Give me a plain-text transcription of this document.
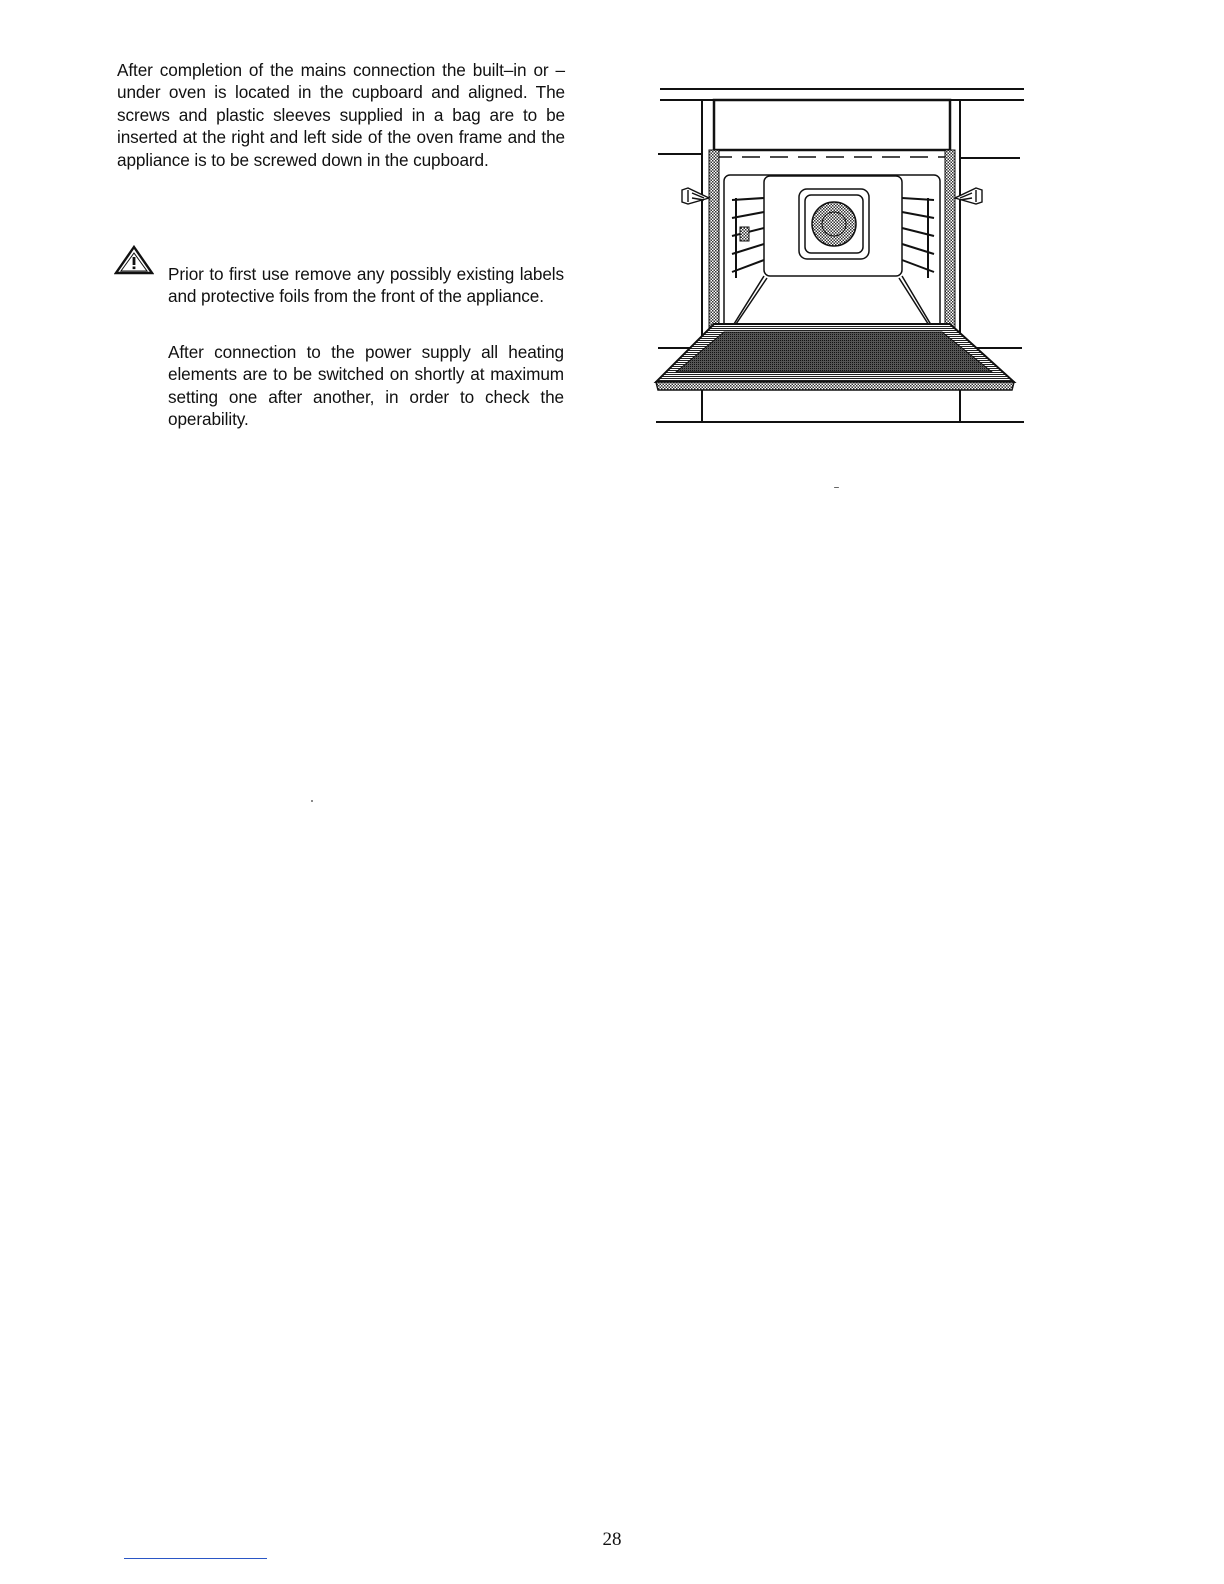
After completion of the mains connection the built–in or –under oven is located in the cupboard and aligned. The screws and plastic sleeves supplied in a bag are to be inserted at the right and left side of the oven frame and the appliance is to be screwed down in the cupboard.

Prior to first use remove any possibly existing labels and protective foils from the front of the appliance.

After connection to the power supply all heating elements are to be switched on shortly at maximum setting one after another, in order to check the operability.

28
